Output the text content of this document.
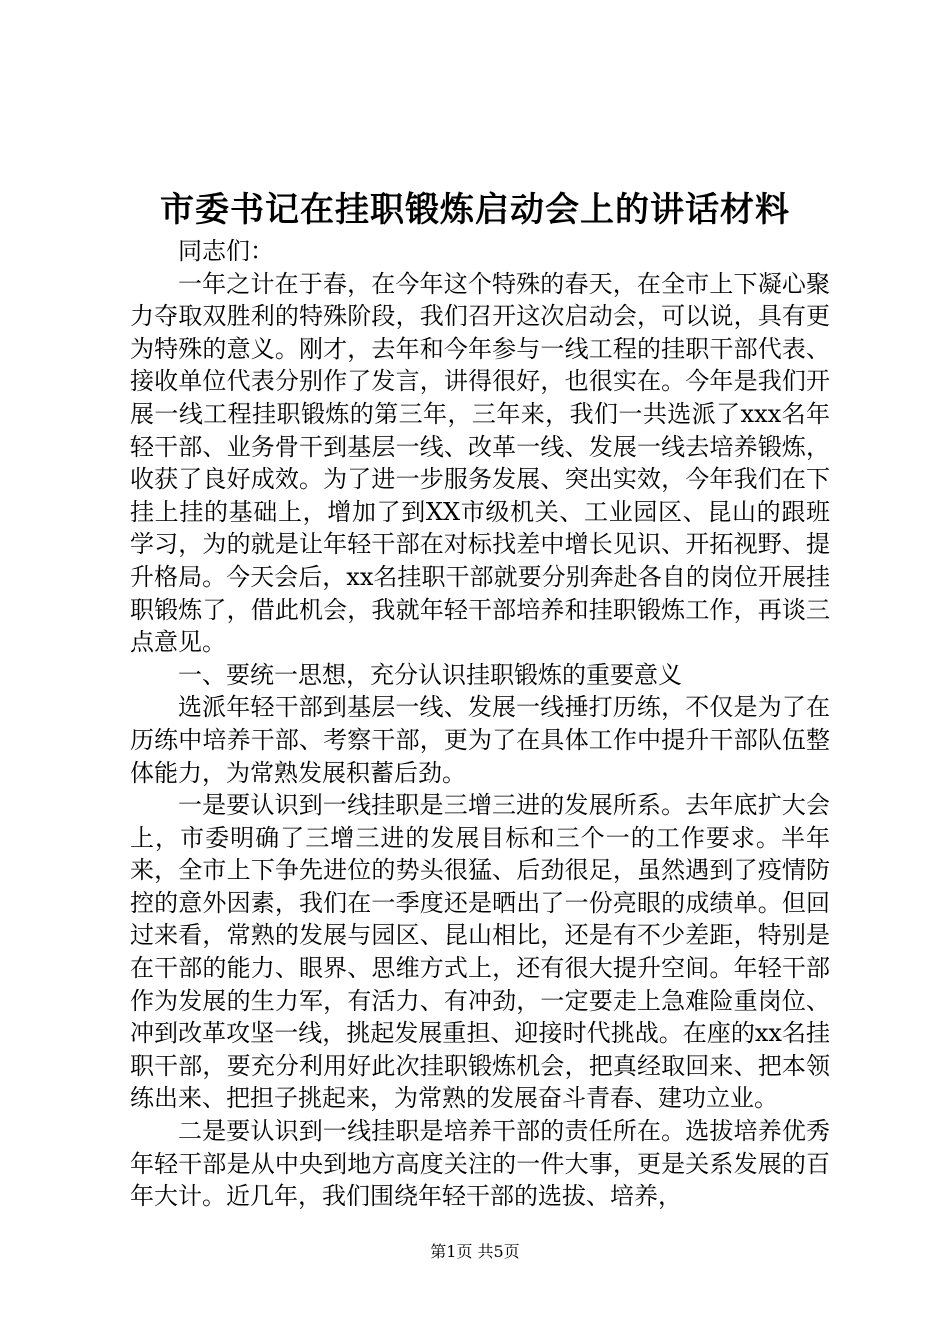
市委书记在挂职锻炼启动会上的讲话材料

同志们：

一年之计在于春，在今年这个特殊的春天，在全市上下凝心聚力夺取双胜利的特殊阶段，我们召开这次启动会，可以说，具有更为特殊的意义。刚才，去年和今年参与一线工程的挂职干部代表、接收单位代表分别作了发言，讲得很好，也很实在。今年是我们开展一线工程挂职锻炼的第三年，三年来，我们一共选派了xxx名年轻干部、业务骨干到基层一线、改革一线、发展一线去培养锻炼，收获了良好成效。为了进一步服务发展、突出实效，今年我们在下挂上挂的基础上，增加了到XX市级机关、工业园区、昆山的跟班学习，为的就是让年轻干部在对标找差中增长见识、开拓视野、提升格局。今天会后，xx名挂职干部就要分别奔赴各自的岗位开展挂职锻炼了，借此机会，我就年轻干部培养和挂职锻炼工作，再谈三点意见。

一、要统一思想，充分认识挂职锻炼的重要意义

选派年轻干部到基层一线、发展一线捶打历练，不仅是为了在历练中培养干部、考察干部，更为了在具体工作中提升干部队伍整体能力，为常熟发展积蓄后劲。

一是要认识到一线挂职是三增三进的发展所系。去年底扩大会上，市委明确了三增三进的发展目标和三个一的工作要求。半年来，全市上下争先进位的势头很猛、后劲很足，虽然遇到了疫情防控的意外因素，我们在一季度还是晒出了一份亮眼的成绩单。但回过来看，常熟的发展与园区、昆山相比，还是有不少差距，特别是在干部的能力、眼界、思维方式上，还有很大提升空间。年轻干部作为发展的生力军，有活力、有冲劲，一定要走上急难险重岗位、冲到改革攻坚一线，挑起发展重担、迎接时代挑战。在座的xx名挂职干部，要充分利用好此次挂职锻炼机会，把真经取回来、把本领练出来、把担子挑起来，为常熟的发展奋斗青春、建功立业。

二是要认识到一线挂职是培养干部的责任所在。选拔培养优秀年轻干部是从中央到地方高度关注的一件大事，更是关系发展的百年大计。近几年，我们围绕年轻干部的选拔、培养，

第1页 共5页
